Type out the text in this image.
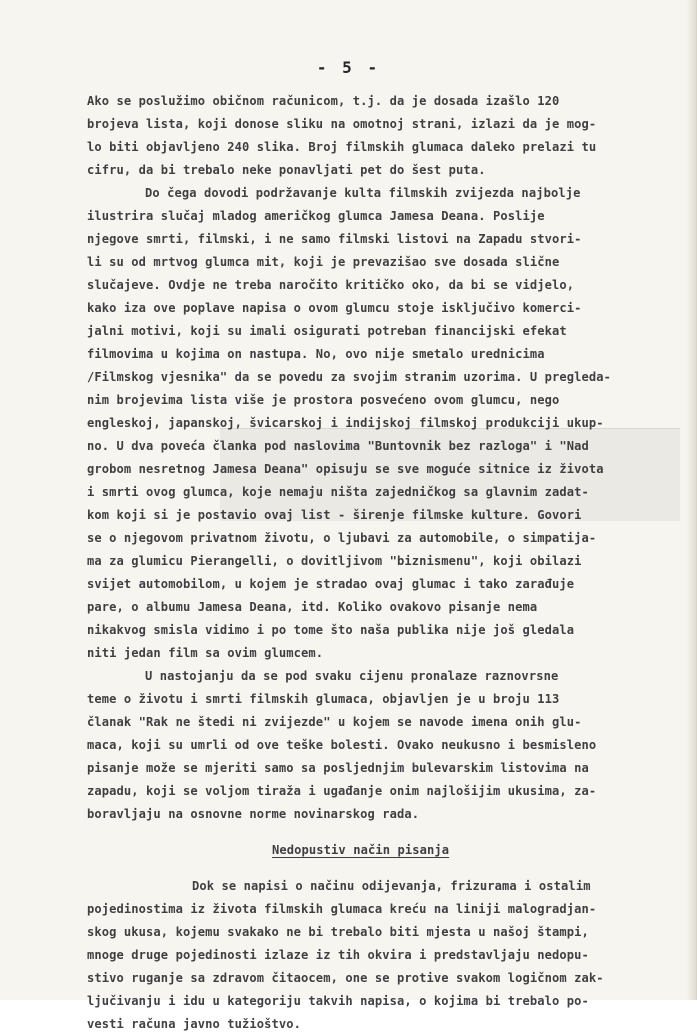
- 5 -
Ako se poslužimo običnom računicom, t.j. da je dosada izašlo 120
brojeva lista, koji donose sliku na omotnoj strani, izlazi da je mog-
lo biti objavljeno 240 slika. Broj filmskih glumaca daleko prelazi tu
cifru, da bi trebalo neke ponavljati pet do šest puta.
Do čega dovodi podržavanje kulta filmskih zvijezda najbolje
ilustrira slučaj mladog američkog glumca Jamesa Deana. Poslije
njegove smrti, filmski, i ne samo filmski listovi na Zapadu stvori-
li su od mrtvog glumca mit, koji je prevazišao sve dosada slične
slučajeve. Ovdje ne treba naročito kritičko oko, da bi se vidjelo,
kako iza ove poplave napisa o ovom glumcu stoje isključivo komerci-
jalni motivi, koji su imali osigurati potreban financijski efekat
filmovima u kojima on nastupa. No, ovo nije smetalo urednicima
/Filmskog vjesnika" da se povedu za svojim stranim uzorima. U pregleda-
nim brojevima lista više je prostora posvećeno ovom glumcu, nego
engleskoj, japanskoj, švicarskoj i indijskoj filmskoj produkciji ukup-
no. U dva poveća članka pod naslovima "Buntovnik bez razloga" i "Nad
grobom nesretnog Jamesa Deana" opisuju se sve moguće sitnice iz života
i smrti ovog glumca, koje nemaju ništa zajedničkog sa glavnim zadat-
kom koji si je postavio ovaj list - širenje filmske kulture. Govori
se o njegovom privatnom životu, o ljubavi za automobile, o simpatija-
ma za glumicu Pierangelli, o dovitljivom "biznismenu", koji obilazi
svijet automobilom, u kojem je stradao ovaj glumac i tako zarađuje
pare, o albumu Jamesa Deana, itd. Koliko ovakovo pisanje nema
nikakvog smisla vidimo i po tome što naša publika nije još gledala
niti jedan film sa ovim glumcem.
U nastojanju da se pod svaku cijenu pronalaze raznovrsne
teme o životu i smrti filmskih glumaca, objavljen je u broju 113
članak "Rak ne štedi ni zvijezde" u kojem se navode imena onih glu-
maca, koji su umrli od ove teške bolesti. Ovako neukusno i besmisleno
pisanje može se mjeriti samo sa posljednjim bulevarskim listovima na
zapadu, koji se voljom tiraža i ugađanje onim najlošijim ukusima, za-
boravljaju na osnovne norme novinarskog rada.
Nedopustiv način pisanja
Dok se napisi o načinu odijevanja, frizurama i ostalim
pojedinostima iz života filmskih glumaca kreću na liniji malogradjan-
skog ukusa, kojemu svakako ne bi trebalo biti mjesta u našoj štampi,
mnoge druge pojedinosti izlaze iz tih okvira i predstavljaju nedopu-
stivo ruganje sa zdravom čitaocem, one se protive svakom logičnom zak-
ljučivanju i idu u kategoriju takvih napisa, o kojima bi trebalo po-
vesti računa javno tužioštvo.
